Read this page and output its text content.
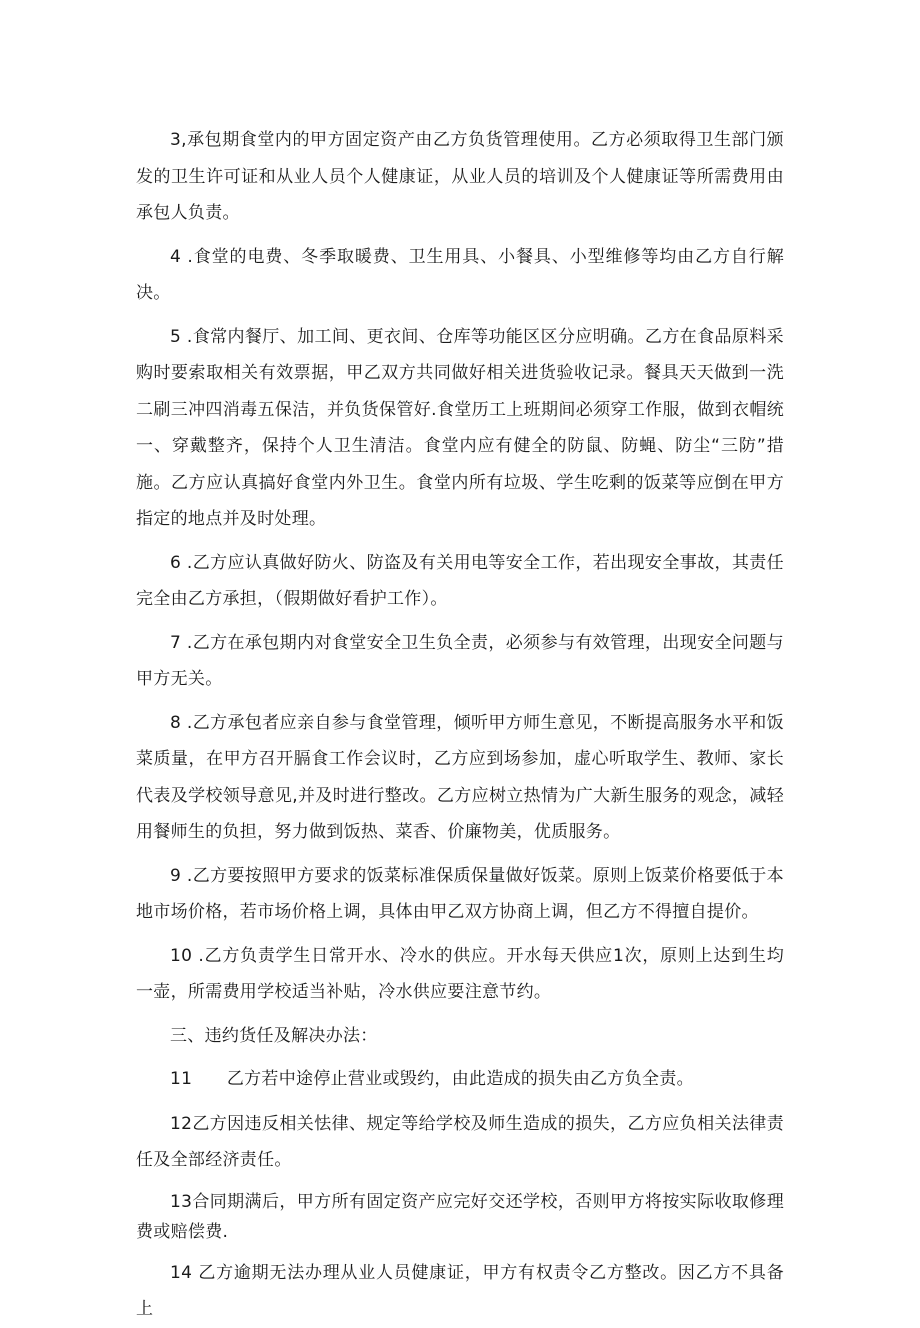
3,承包期食堂内的甲方固定资产由乙方负货管理使用。乙方必须取得卫生部门颁发的卫生许可证和从业人员个人健康证，从业人员的培训及个人健康证等所需费用由承包人负责。

4 .食堂的电费、冬季取暖费、卫生用具、小餐具、小型维修等均由乙方自行解决。

5 .食常内餐厅、加工间、更衣间、仓库等功能区区分应明确。乙方在食品原料采购时要索取相关有效票据，甲乙双方共同做好相关进货验收记录。餐具天天做到一洗二刷三冲四消毒五保洁，并负货保管好.食堂历工上班期间必须穿工作服，做到衣帽统一、穿戴整齐，保持个人卫生清洁。食堂内应有健全的防鼠、防蝇、防尘“三防”措施。乙方应认真搞好食堂内外卫生。食堂内所有垃圾、学生吃剩的饭菜等应倒在甲方指定的地点并及时处理。

6 .乙方应认真做好防火、防盗及有关用电等安全工作，若出现安全事故，其责任完全由乙方承担，（假期做好看护工作）。

7 .乙方在承包期内对食堂安全卫生负全责，必须参与有效管理，出现安全问题与甲方无关。

8 .乙方承包者应亲自参与食堂管理，倾听甲方师生意见，不断提高服务水平和饭菜质量，在甲方召开膈食工作会议时，乙方应到场参加，虚心听取学生、教师、家长代表及学校领导意见,并及时进行整改。乙方应树立热情为广大新生服务的观念，减轻用餐师生的负担，努力做到饭热、菜香、价廉物美，优质服务。

9 .乙方要按照甲方要求的饭菜标准保质保量做好饭菜。原则上饭菜价格要低于本地市场价格，若市场价格上调，具体由甲乙双方协商上调，但乙方不得擅自提价。

10 .乙方负责学生日常开水、冷水的供应。开水每天供应1次，原则上达到生均一壶，所需费用学校适当补贴，冷水供应要注意节约。

三、违约货任及解决办法：

11　　乙方若中途停止营业或毁约，由此造成的损失由乙方负全责。

12乙方因违反相关怯律、规定等给学校及师生造成的损失，乙方应负相关法律责任及全部经济责任。

13合同期满后，甲方所有固定资产应完好交还学校，否则甲方将按实际收取修理费或赔偿费.

14 乙方逾期无法办理从业人员健康证，甲方有权责令乙方整改。因乙方不具备上
